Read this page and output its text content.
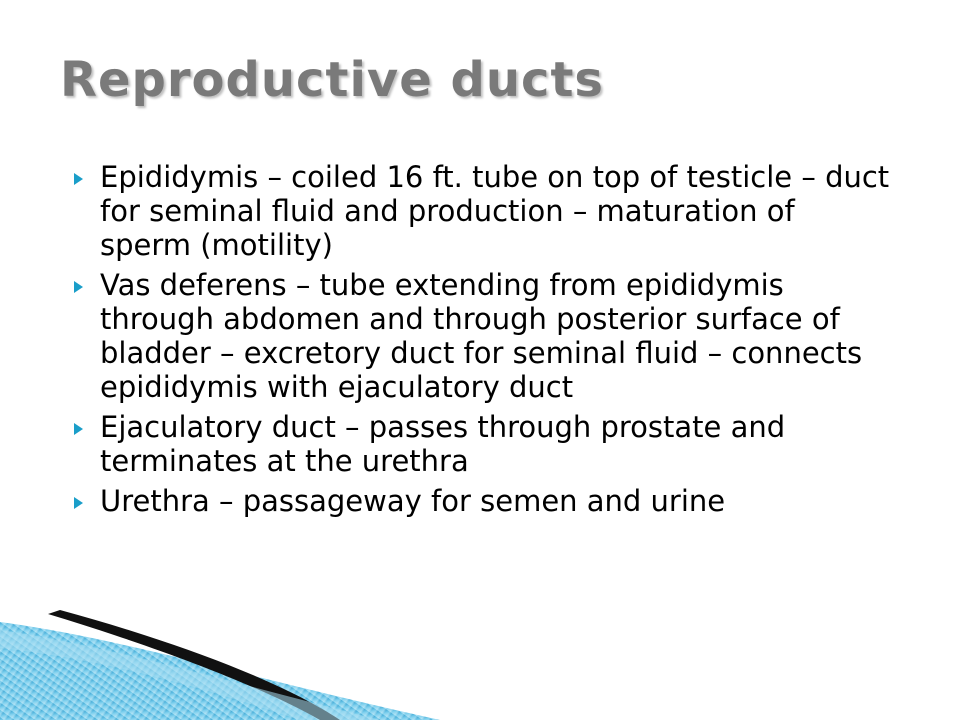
Reproductive ducts
Epididymis – coiled 16 ft. tube on top of testicle – duct for seminal fluid and production – maturation of sperm (motility)
Vas deferens – tube extending from epididymis through abdomen and through posterior surface of bladder – excretory duct for seminal fluid – connects epididymis with ejaculatory duct
Ejaculatory duct – passes through prostate and terminates at the urethra
Urethra – passageway for semen and urine
